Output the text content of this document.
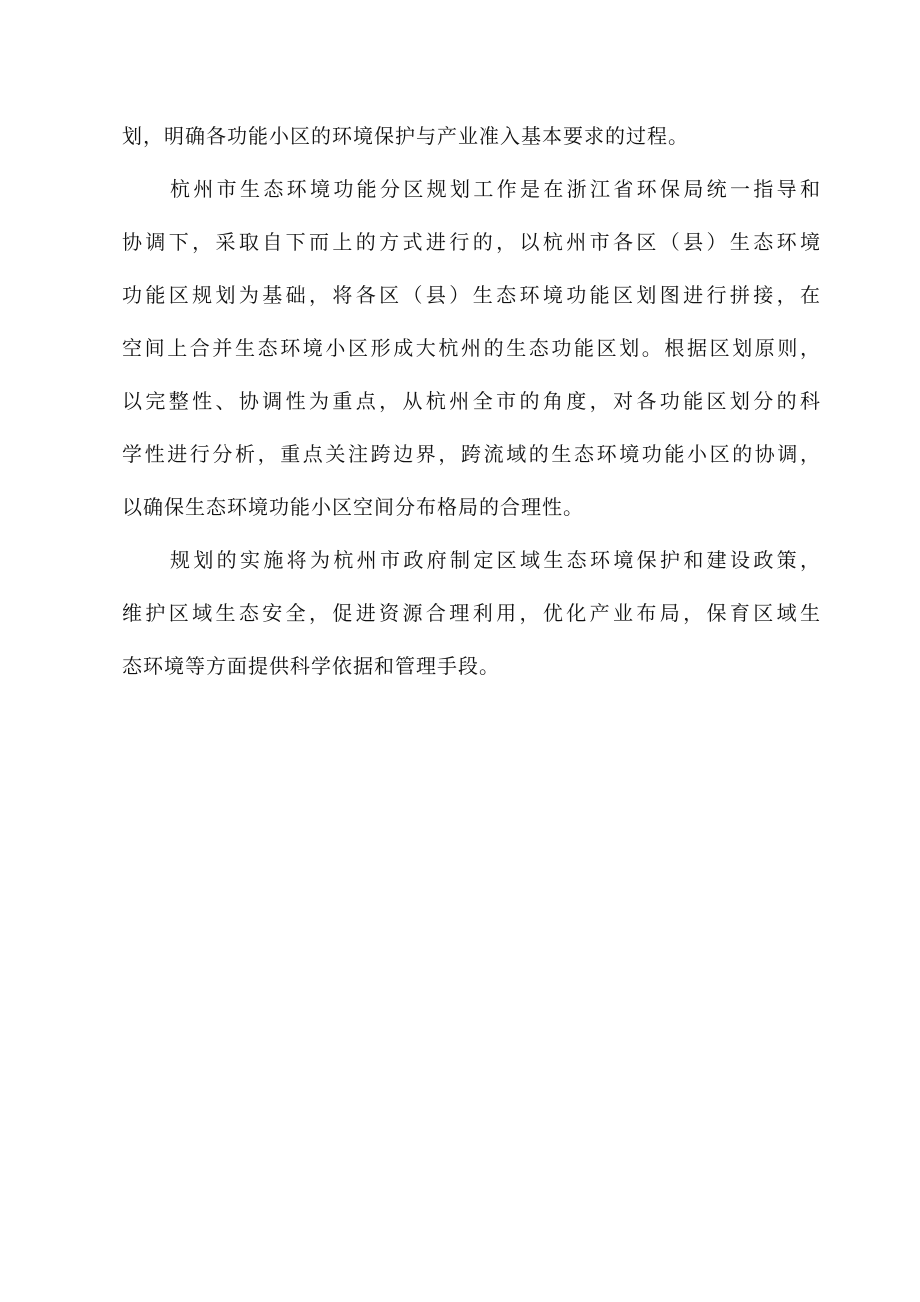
划，明确各功能小区的环境保护与产业准入基本要求的过程。
杭州市生态环境功能分区规划工作是在浙江省环保局统一指导和
协调下，采取自下而上的方式进行的，以杭州市各区（县）生态环境
功能区规划为基础，将各区（县）生态环境功能区划图进行拼接，在
空间上合并生态环境小区形成大杭州的生态功能区划。根据区划原则，
以完整性、协调性为重点，从杭州全市的角度，对各功能区划分的科
学性进行分析，重点关注跨边界，跨流域的生态环境功能小区的协调，
以确保生态环境功能小区空间分布格局的合理性。
规划的实施将为杭州市政府制定区域生态环境保护和建设政策，
维护区域生态安全，促进资源合理利用，优化产业布局，保育区域生
态环境等方面提供科学依据和管理手段。
